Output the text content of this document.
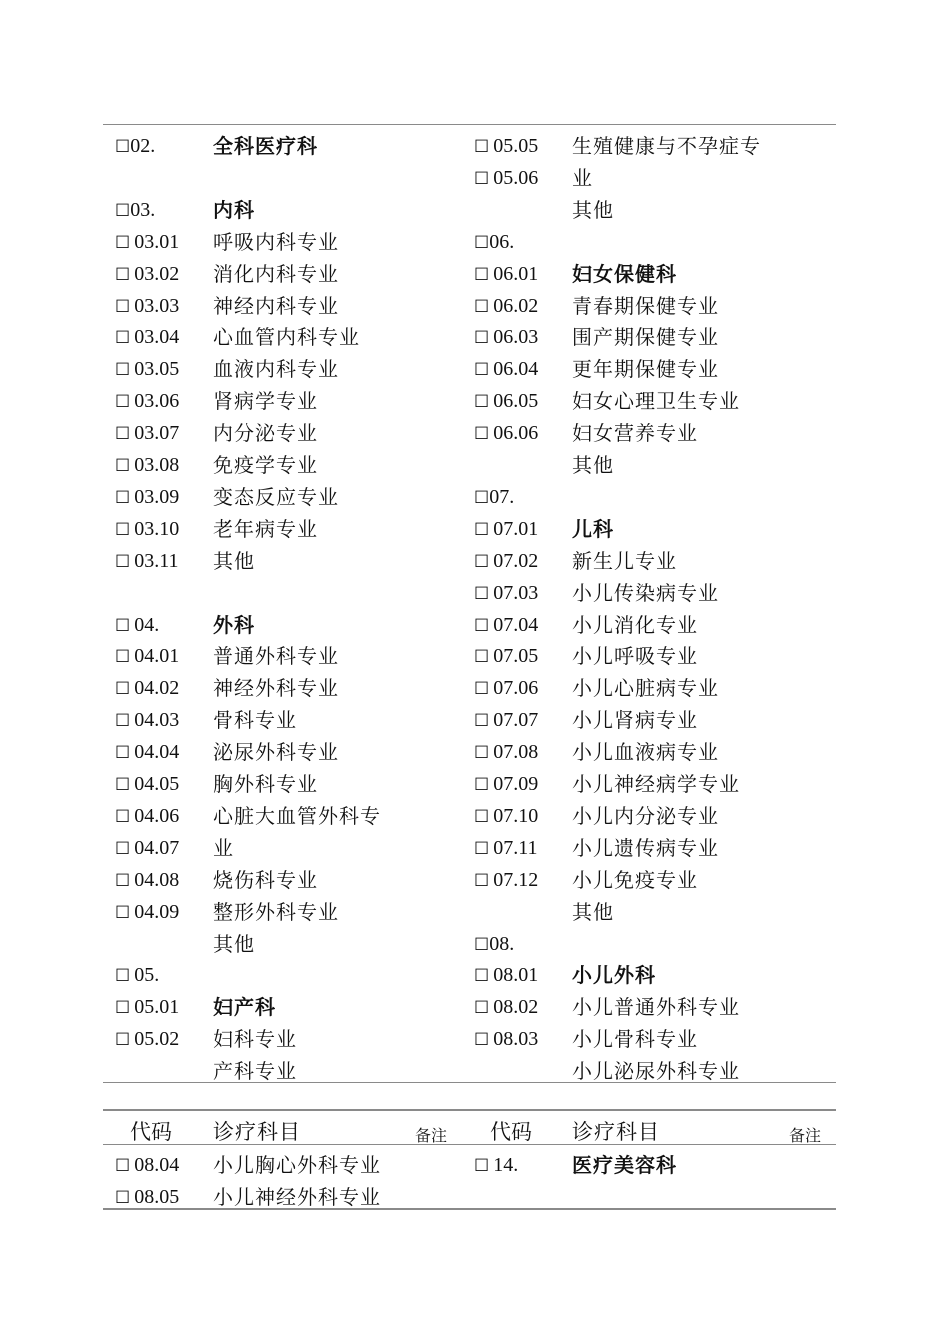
☐02.	全科医疗科
☐03.	内科
☐ 03.01 呼吸内科专业
☐ 03.02 消化内科专业
☐ 03.03 神经内科专业
☐ 03.04 心血管内科专业
☐ 03.05 血液内科专业
☐ 03.06 肾病学专业
☐ 03.07 内分泌专业
☐ 03.08 免疫学专业
☐ 03.09 变态反应专业
☐ 03.10 老年病专业
☐ 03.11 其他
☐ 04.	外科
☐ 04.01 普通外科专业
☐ 04.02 神经外科专业
☐ 04.03 骨科专业
☐ 04.04 泌尿外科专业
☐ 04.05 胸外科专业
☐ 04.06 心脏大血管外科专
☐ 04.07 业
☐ 04.08 烧伤科专业
☐ 04.09 整形外科专业
其他
☐ 05.
☐ 05.01 妇产科
☐ 05.02 妇科专业
产科专业
☐ 05.05 生殖健康与不孕症专
☐ 05.06 业
其他
☐06.
☐ 06.01 妇女保健科
☐ 06.02 青春期保健专业
☐ 06.03 围产期保健专业
☐ 06.04 更年期保健专业
☐ 06.05 妇女心理卫生专业
☐ 06.06 妇女营养专业
其他
☐07.
☐ 07.01 儿科
☐ 07.02 新生儿专业
☐ 07.03 小儿传染病专业
☐ 07.04 小儿消化专业
☐ 07.05 小儿呼吸专业
☐ 07.06 小儿心脏病专业
☐ 07.07 小儿肾病专业
☐ 07.08 小儿血液病专业
☐ 07.09 小儿神经病学专业
☐ 07.10 小儿内分泌专业
☐ 07.11 小儿遗传病专业
☐ 07.12 小儿免疫专业
其他
☐08.
☐ 08.01 小儿外科
☐ 08.02 小儿普通外科专业
☐ 08.03 小儿骨科专业
小儿泌尿外科专业
代码 诊疗科目	备注 代码 诊疗科目	备注
☐ 08.04 小儿胸心外科专业	☐ 14.	医疗美容科
☐ 08.05 小儿神经外科专业
